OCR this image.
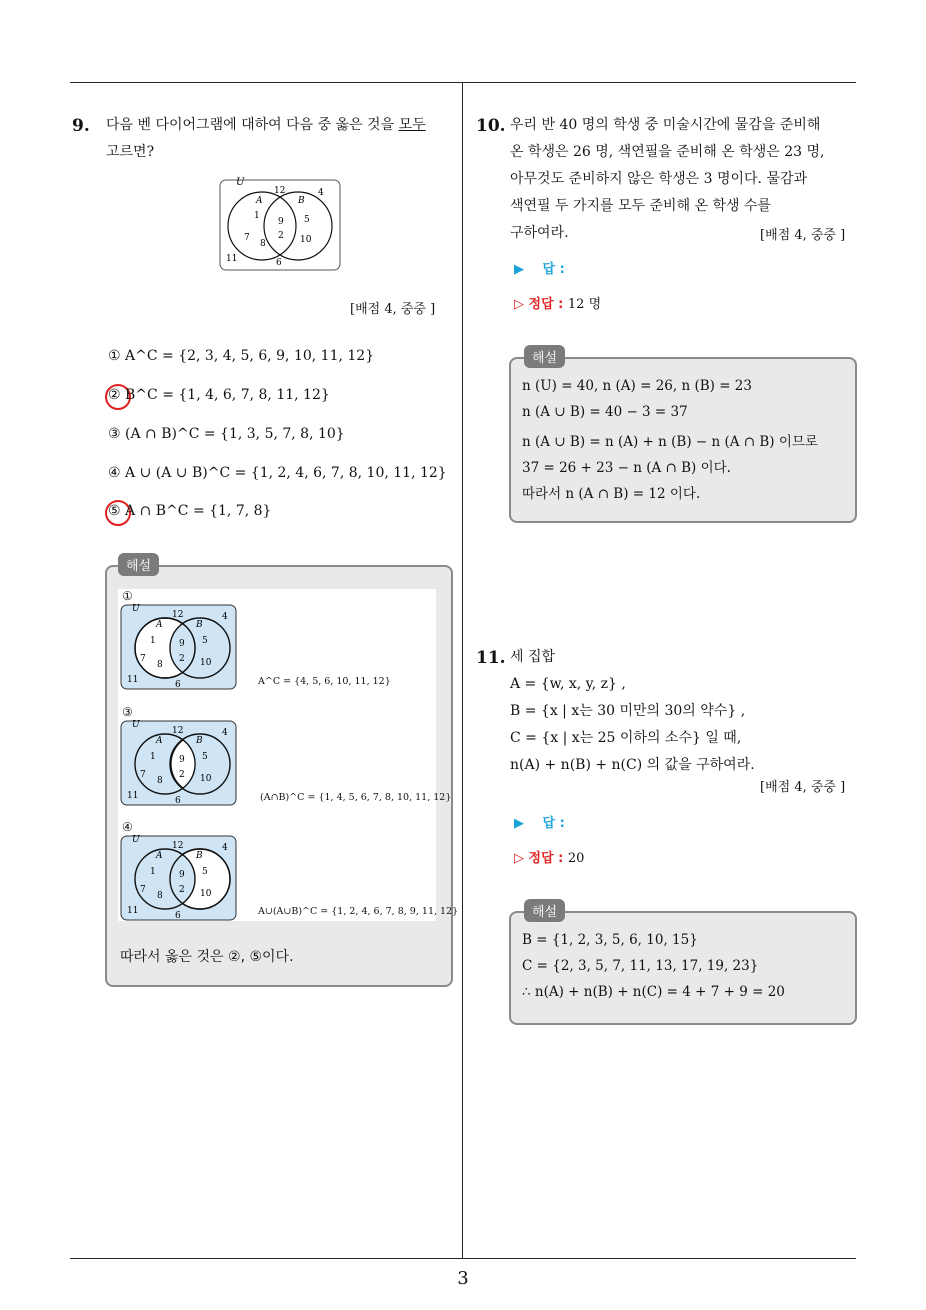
9. 다음 벤 다이어그램에 대하여 다음 중 옳은 것을 모두
고르면?
U
A	B
12	4
1
9 5
7	2
8	10
11	6
[배점 4, 중중 ]
① A^C = {2, 3, 4, 5, 6, 9, 10, 11, 12}
② B^C = {1, 4, 6, 7, 8, 11, 12}
③ (A ∩ B)^C = {1, 3, 5, 7, 8, 10}
④ A ∪ (A ∪ B)^C = {1, 2, 4, 6, 7, 8, 10, 11, 12}
⑤ A ∩ B^C = {1, 7, 8}
해설
①
U
A	B
12	4
1	9 5
7	2
8	10
11	6	A^C = {4, 5, 6, 10, 11, 12}
③
U
A	B
12	4
1	9 5
7	2
8	10
11	6	(A∩B)^C = {1, 4, 5, 6, 7, 8, 10, 11, 12}
④
U
A	B
12	4
1	9 5
7	2
8	10
11	6	A∪(A∪B)^C = {1, 2, 4, 6, 7, 8, 9, 11, 12}
따라서 옳은 것은 ②, ⑤이다.
10. 우리 반 40 명의 학생 중 미술시간에 물감을 준비해
온 학생은 26 명, 색연필을 준비해 온 학생은 23 명,
아무것도 준비하지 않은 학생은 3 명이다. 물감과
색연필 두 가지를 모두 준비해 온 학생 수를
구하여라.	[배점 4, 중중 ]
▶ 답 :
▷ 정답 : 12 명
해설
n (U) = 40, n (A) = 26, n (B) = 23
n (A ∪ B) = 40 − 3 = 37
n (A ∪ B) = n (A) + n (B) − n (A ∩ B) 이므로
37 = 26 + 23 − n (A ∩ B) 이다.
따라서 n (A ∩ B) = 12 이다.
11. 세 집합
A = {w, x, y, z} ,
B = {x | x는 30 미만의 30의 약수} ,
C = {x | x는 25 이하의 소수} 일 때,
n(A) + n(B) + n(C) 의 값을 구하여라.
[배점 4, 중중 ]
▶ 답 :
▷ 정답 : 20
해설
B = {1, 2, 3, 5, 6, 10, 15}
C = {2, 3, 5, 7, 11, 13, 17, 19, 23}
∴ n(A) + n(B) + n(C) = 4 + 7 + 9 = 20
3
